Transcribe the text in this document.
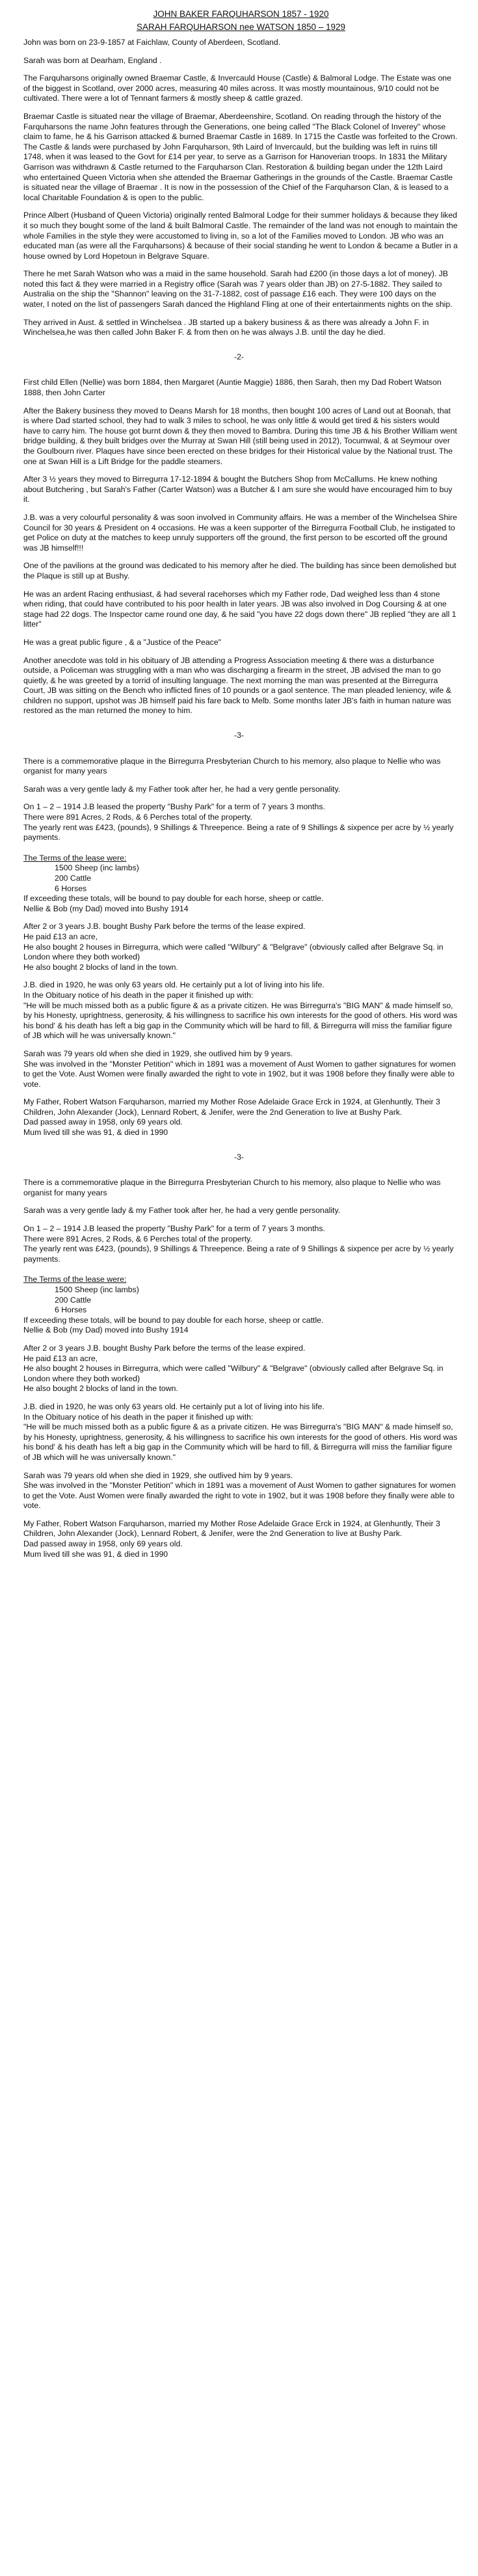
JOHN BAKER FARQUHARSON 1857 - 1920

SARAH FARQUHARSON nee WATSON 1850 – 1929

John was born on 23-9-1857 at Faichlaw, County of Aberdeen, Scotland.

Sarah was born at Dearham, England .

The Farquharsons originally owned Braemar Castle, & Invercauld House (Castle) & Balmoral Lodge. The Estate was one of the biggest in Scotland, over 2000 acres, measuring 40 miles across. It was mostly mountainous, 9/10 could not be cultivated. There were a lot of Tennant farmers & mostly sheep & cattle grazed.

Braemar Castle is situated near the village of Braemar, Aberdeenshire, Scotland. On reading through the history of the Farquharsons the name John features through the Generations, one being called "The Black Colonel of Inverey" whose claim to fame, he & his Garrison attacked & burned Braemar Castle in 1689. In 1715 the Castle was forfeited to the Crown. The Castle & lands were purchased by John Farquharson, 9th Laird of Invercauld, but the building was left in ruins till 1748, when it was leased to the Govt for £14 per year, to serve as a Garrison for Hanoverian troops. In 1831 the Military Garrison was withdrawn & Castle returned to the Farquharson Clan. Restoration & building began under the 12th Laird who entertained Queen Victoria when she attended the Braemar Gatherings in the grounds of the Castle. Braemar Castle is situated near the village of Braemar . It is now in the possession of the Chief of the Farquharson Clan, & is leased to a local Charitable Foundation & is open to the public.

Prince Albert (Husband of Queen Victoria) originally rented Balmoral Lodge for their summer holidays & because they liked it so much they bought some of the land & built Balmoral Castle. The remainder of the land was not enough to maintain the whole Families in the style they were accustomed to living in, so a lot of the Families moved to London. JB who was an educated man (as were all the Farquharsons) & because of their social standing he went to London & became a Butler in a house owned by Lord Hopetoun in Belgrave Square.

There he met Sarah Watson who was a maid in the same household. Sarah had £200 (in those days a lot of money). JB noted this fact & they were married in a Registry office (Sarah was 7 years older than JB) on 27-5-1882. They sailed to Australia on the ship the "Shannon" leaving on the 31-7-1882, cost of passage £16 each. They were 100 days on the water, I noted on the list of passengers Sarah danced the Highland Fling at one of their entertainments nights on the ship.

They arrived in Aust. & settled in Winchelsea . JB started up a bakery business & as there was already a John F. in Winchelsea,he was then called John Baker F. & from then on he was always J.B. until the day he died.

-2-

First child Ellen (Nellie) was born 1884, then Margaret (Auntie Maggie) 1886, then Sarah, then my Dad Robert Watson 1888, then John Carter

After the Bakery business they moved to Deans Marsh for 18 months, then bought 100 acres of Land out at Boonah, that is where Dad started school, they had to walk 3 miles to school, he was only little & would get tired & his sisters would have to carry him. The house got burnt down & they then moved to Bambra. During this time JB & his Brother William went bridge building, & they built bridges over the Murray at Swan Hill (still being used in 2012), Tocumwal, & at Seymour over the Goulbourn river. Plaques have since been erected on these bridges for their Historical value by the National trust. The one at Swan Hill is a Lift Bridge for the paddle steamers.

After 3 ½ years they moved to Birregurra 17-12-1894 & bought the Butchers Shop from McCallums. He knew nothing about Butchering , but Sarah's Father (Carter Watson) was a Butcher & I am sure she would have encouraged him to buy it.

J.B. was a very colourful personality & was soon involved in Community affairs. He was a member of the Winchelsea Shire Council for 30 years & President on 4 occasions. He was a keen supporter of the Birregurra Football Club, he instigated to get Police on duty at the matches to keep unruly supporters off the ground, the first person to be escorted off the ground was JB himself!!!

One of the pavilions at the ground was dedicated to his memory after he died. The building has since been demolished but the Plaque is still up at Bushy.

He was an ardent Racing enthusiast, & had several racehorses which my Father rode, Dad weighed less than 4 stone when riding, that could have contributed to his poor health in later years. JB was also involved in Dog Coursing & at one stage had 22 dogs. The Inspector came round one day, & he said "you have 22 dogs down there" JB replied "they are all 1 litter"

He was a great public figure , & a "Justice of the Peace"

Another anecdote was told in his obituary of JB attending a Progress Association meeting & there was a disturbance outside, a Policeman was struggling with a man who was discharging a firearm in the street, JB advised the man to go quietly, & he was greeted by a torrid of insulting language. The next morning the man was presented at the Birregurra Court, JB was sitting on the Bench who inflicted fines of 10 pounds or a gaol sentence. The man pleaded leniency, wife & children no support, upshot was JB himself paid his fare back to Melb. Some months later JB's faith in human nature was restored as the man returned the money to him.

-3-

There is a commemorative plaque in the Birregurra Presbyterian Church to his memory, also plaque to Nellie who was organist for many years

Sarah was a very gentle lady & my Father took after her, he had a very gentle personality.

On 1 – 2 – 1914 J.B leased the property "Bushy Park" for a term of 7 years 3 months.

There were 891 Acres, 2 Rods, & 6 Perches total of the property.

The yearly rent was £423, (pounds), 9 Shillings & Threepence. Being a rate of 9 Shillings & sixpence per acre by ½ yearly payments.

The Terms of the lease were:

1500 Sheep (inc lambs)

200 Cattle

6 Horses

If exceeding these totals, will be bound to pay double for each horse, sheep or cattle.

Nellie & Bob (my Dad) moved into Bushy 1914

After 2 or 3 years J.B. bought Bushy Park before the terms of the lease expired.

He paid £13 an acre,

He also bought 2 houses in Birregurra, which were called "Wilbury" & "Belgrave" (obviously called after Belgrave Sq. in London where they both worked)

He also bought 2 blocks of land in the town.

J.B. died in 1920, he was only 63 years old. He certainly put a lot of living into his life.

In the Obituary notice of his death in the paper it finished up with:

"He will be much missed both as a public figure & as a private citizen. He was Birregurra's "BIG MAN" & made himself so, by his Honesty, uprightness, generosity, & his willingness to sacrifice his own interests for the good of others. His word was his bond' & his death has left a big gap in the Community which will be hard to fill, & Birregurra will miss the familiar figure of JB which will he was universally known."

Sarah was 79 years old when she died in 1929, she outlived him by 9 years.

She was involved in the "Monster Petition" which in 1891 was a movement of Aust Women to gather signatures for women to get the Vote. Aust Women were finally awarded the right to vote in 1902, but it was 1908 before they finally were able to vote.

My Father, Robert Watson Farquharson, married my Mother Rose Adelaide Grace Erck in 1924, at Glenhuntly, Their 3 Children, John Alexander (Jock), Lennard Robert, & Jenifer, were the 2nd Generation to live at Bushy Park.

Dad passed away in 1958, only 69 years old.

Mum lived till she was 91, & died in 1990

-3-

There is a commemorative plaque in the Birregurra Presbyterian Church to his memory, also plaque to Nellie who was organist for many years

Sarah was a very gentle lady & my Father took after her, he had a very gentle personality.

On 1 – 2 – 1914 J.B leased the property "Bushy Park" for a term of 7 years 3 months.

There were 891 Acres, 2 Rods, & 6 Perches total of the property.

The yearly rent was £423, (pounds), 9 Shillings & Threepence. Being a rate of 9 Shillings & sixpence per acre by ½ yearly payments.

The Terms of the lease were:

1500 Sheep (inc lambs)

200 Cattle

6 Horses

If exceeding these totals, will be bound to pay double for each horse, sheep or cattle.

Nellie & Bob (my Dad) moved into Bushy 1914

After 2 or 3 years J.B. bought Bushy Park before the terms of the lease expired.

He paid £13 an acre,

He also bought 2 houses in Birregurra, which were called "Wilbury" & "Belgrave" (obviously called after Belgrave Sq. in London where they both worked)

He also bought 2 blocks of land in the town.

J.B. died in 1920, he was only 63 years old. He certainly put a lot of living into his life.

In the Obituary notice of his death in the paper it finished up with:

"He will be much missed both as a public figure & as a private citizen. He was Birregurra's "BIG MAN" & made himself so, by his Honesty, uprightness, generosity, & his willingness to sacrifice his own interests for the good of others. His word was his bond' & his death has left a big gap in the Community which will be hard to fill, & Birregurra will miss the familiar figure of JB which will he was universally known."

Sarah was 79 years old when she died in 1929, she outlived him by 9 years.

She was involved in the "Monster Petition" which in 1891 was a movement of Aust Women to gather signatures for women to get the Vote. Aust Women were finally awarded the right to vote in 1902, but it was 1908 before they finally were able to vote.

My Father, Robert Watson Farquharson, married my Mother Rose Adelaide Grace Erck in 1924, at Glenhuntly, Their 3 Children, John Alexander (Jock), Lennard Robert, & Jenifer, were the 2nd Generation to live at Bushy Park.

Dad passed away in 1958, only 69 years old.

Mum lived till she was 91, & died in 1990
